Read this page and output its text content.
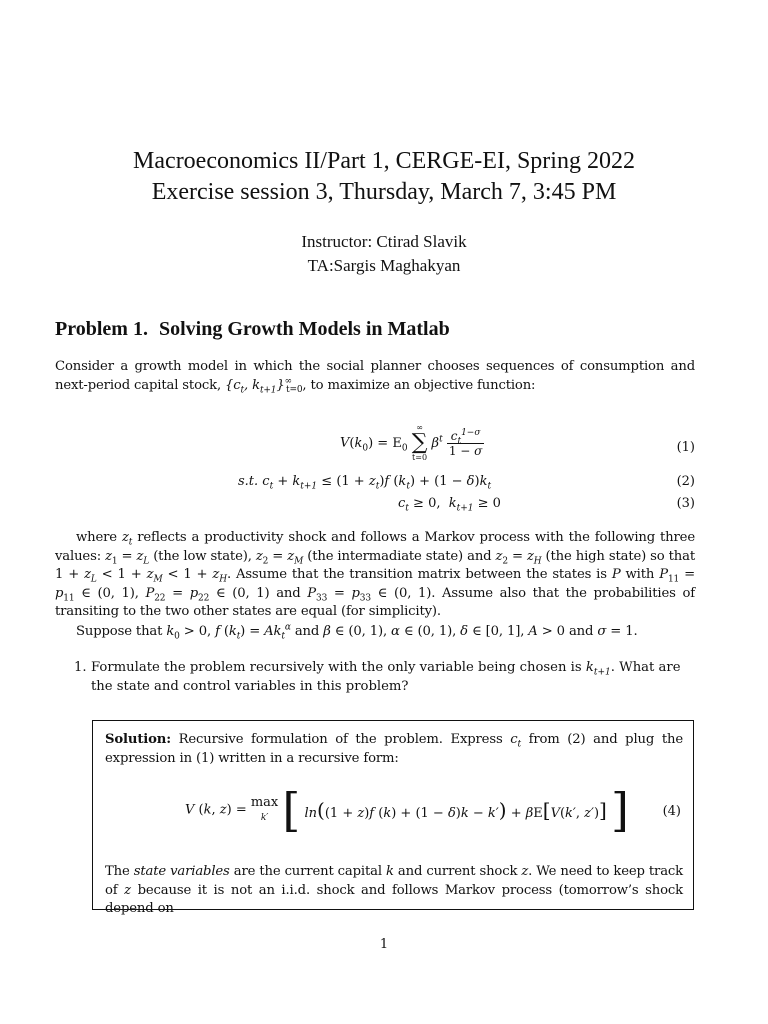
Macroeconomics II/Part 1, CERGE-EI, Spring 2022
Exercise session 3, Thursday, March 7, 3:45 PM
Instructor: Ctirad Slavik
TA:Sargis Maghakyan
Problem 1. Solving Growth Models in Matlab
Consider a growth model in which the social planner chooses sequences of consumption and next-period capital stock, {$c_t$, $k_{t+1}\}^\infty_{t=0}$, to maximize an objective function:
$V(k_0) = E_0$
∞
∑
t=0
$\beta^t \frac{c_t^{1-\sigma}}{1 - \sigma}$	(1)
s.t. $c_t + k_{t+1} \le (1 + z_t)f$ $(k_t) + (1 - \delta)k_t$	(2)
$c_t \ge 0$,  $k_{t+1} \ge 0$	(3)
where $z_t$ reflects a productivity shock and follows a Markov process with the following three values: $z_1 = z_L$ (the low state), $z_2 = z_M$ (the intermadiate state) and $z_2 = z_H$ (the high state) so that $1 + z_L < 1 + z_M < 1 + z_H$. Assume that the transition matrix between the states is P with $P_{11} = p_{11}$ ∈ (0, 1), $P_{22} = p_{22}$ ∈ (0, 1) and $P_{33} = p_{33}$ ∈ (0, 1). Assume also that the probabilities of transiting to the two other states are equal (for simplicity).
Suppose that $k_0 > 0$, f $(k_t) = Ak_t^\alpha$ and β ∈ (0, 1), α ∈ (0, 1), δ ∈ [0, 1], A > 0 and σ = 1.
1. Formulate the problem recursively with the only variable being chosen is $k_{t+1}$. What are the state and control variables in this problem?
Solution: Recursive formulation of the problem. Express $c_t$ from (2) and plug the expression in (1) written in a recursive form:
V (k, z) = max
k′ [ ln((1 + z)f (k) + (1 − δ)k − k′) + βE[V(k′, z′)] ]	(4)
The state variables are the current capital k and current shock z. We need to keep track of z because it is not an i.i.d. shock and follows Markov process (tomorrow’s shock depend on
1
